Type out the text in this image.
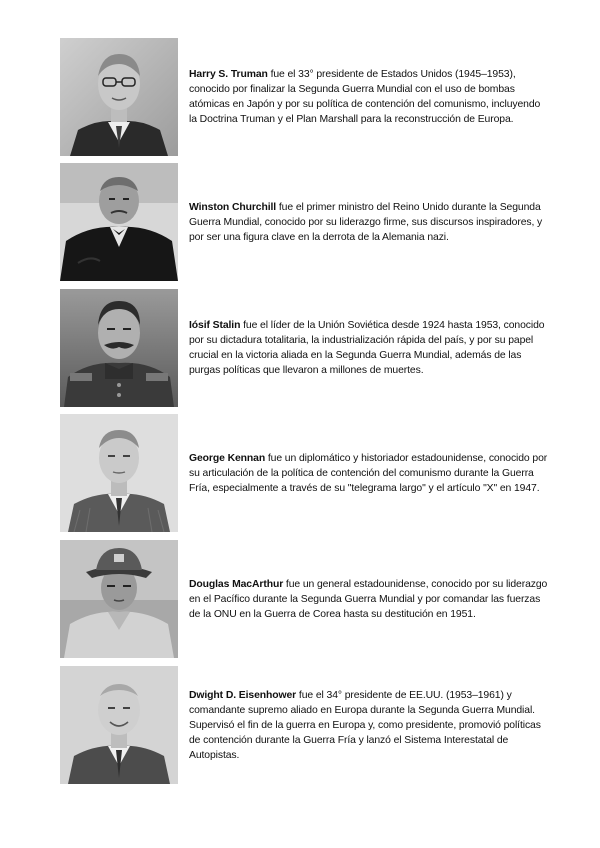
Harry S. Truman fue el 33° presidente de Estados Unidos (1945–1953), conocido por finalizar la Segunda Guerra Mundial con el uso de bombas atómicas en Japón y por su política de contención del comunismo, incluyendo la Doctrina Truman y el Plan Marshall para la reconstrucción de Europa.

Winston Churchill fue el primer ministro del Reino Unido durante la Segunda Guerra Mundial, conocido por su liderazgo firme, sus discursos inspiradores, y por ser una figura clave en la derrota de la Alemania nazi.

Iósif Stalin fue el líder de la Unión Soviética desde 1924 hasta 1953, conocido por su dictadura totalitaria, la industrialización rápida del país, y por su papel crucial en la victoria aliada en la Segunda Guerra Mundial, además de las purgas políticas que llevaron a millones de muertes.

George Kennan fue un diplomático y historiador estadounidense, conocido por su articulación de la política de contención del comunismo durante la Guerra Fría, especialmente a través de su "telegrama largo" y el artículo "X" en 1947.

Douglas MacArthur fue un general estadounidense, conocido por su liderazgo en el Pacífico durante la Segunda Guerra Mundial y por comandar las fuerzas de la ONU en la Guerra de Corea hasta su destitución en 1951.

Dwight D. Eisenhower fue el 34° presidente de EE.UU. (1953–1961) y comandante supremo aliado en Europa durante la Segunda Guerra Mundial. Supervisó el fin de la guerra en Europa y, como presidente, promovió políticas de contención durante la Guerra Fría y lanzó el Sistema Interestatal de Autopistas.
